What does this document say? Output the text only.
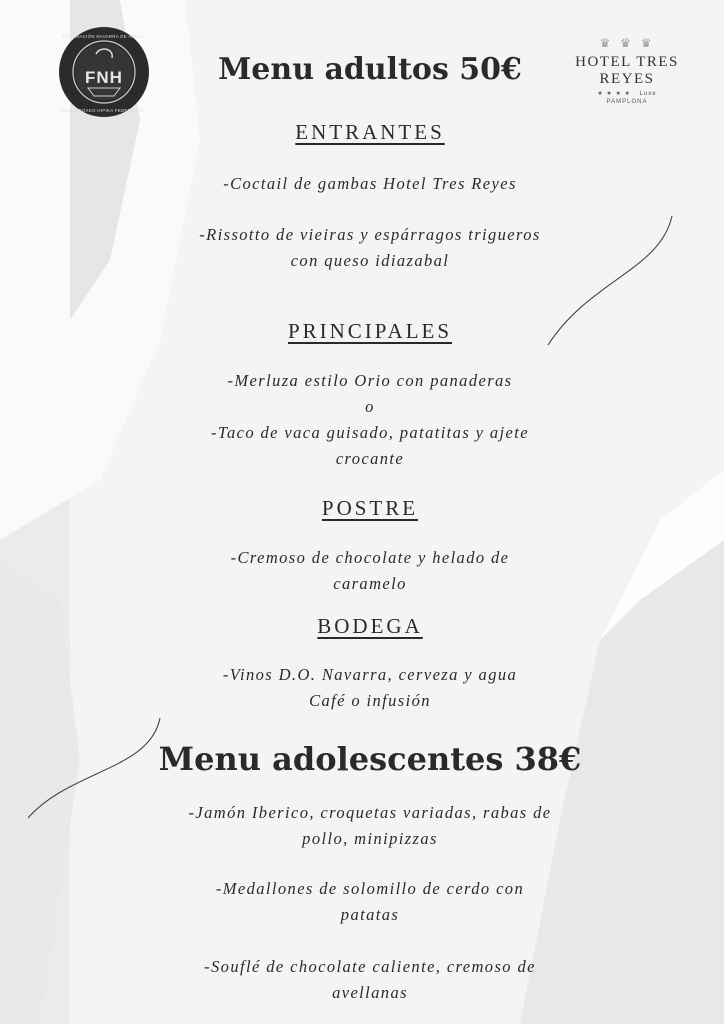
FNH
FEDERACIÓN NAVARRA DE HIPICA
NAFARROAKO HIPIKA FEDERAZIOA
♛ ♛ ♛
HOTEL TRES REYES
★ ★ ★ ★ Luxe
PAMPLONA
Menu adultos 50€
ENTRANTES
-Coctail de gambas Hotel Tres Reyes
-Rissotto de vieiras y espárragos trigueros
con queso idiazabal
PRINCIPALES
-Merluza estilo Orio con panaderas
o
-Taco de vaca guisado, patatitas y ajete
crocante
POSTRE
-Cremoso de chocolate y helado de
caramelo
BODEGA
-Vinos D.O. Navarra, cerveza y agua
Café o infusión
Menu adolescentes 38€
-Jamón Iberico, croquetas variadas, rabas de
pollo, minipizzas
-Medallones de solomillo de cerdo con
patatas
-Souflé de chocolate caliente, cremoso de
avellanas
